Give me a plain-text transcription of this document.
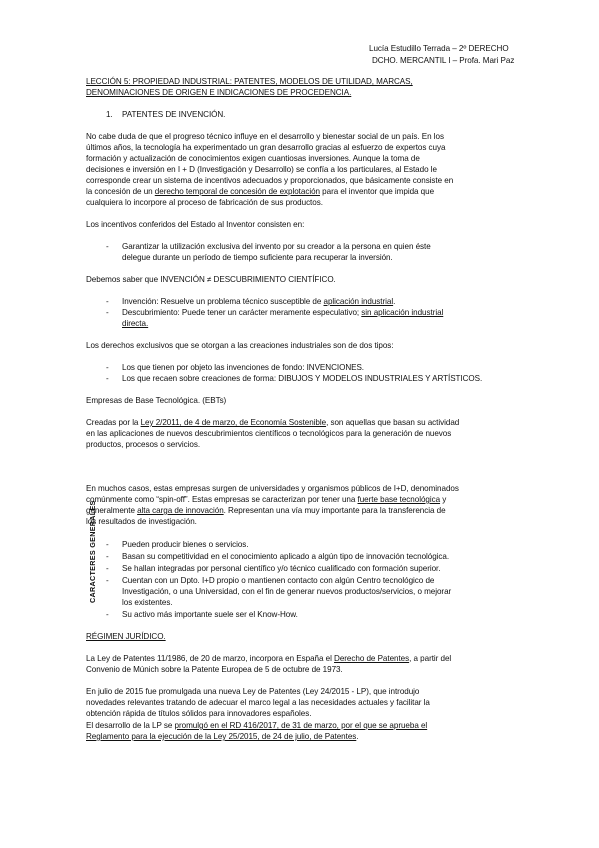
Lucía Estudillo Terrada – 2º DERECHO
DCHO. MERCANTIL I – Profa. Mari Paz
LECCIÓN 5: PROPIEDAD INDUSTRIAL: PATENTES, MODELOS DE UTILIDAD, MARCAS,
DENOMINACIONES DE ORIGEN E INDICACIONES DE PROCEDENCIA.
1. PATENTES DE INVENCIÓN.
No cabe duda de que el progreso técnico influye en el desarrollo y bienestar social de un país. En los
últimos años, la tecnología ha experimentado un gran desarrollo gracias al esfuerzo de expertos cuya
formación y actualización de conocimientos exigen cuantiosas inversiones. Aunque la toma de
decisiones e inversión en I + D (Investigación y Desarrollo) se confía a los particulares, al Estado le
corresponde crear un sistema de incentivos adecuados y proporcionados, que básicamente consiste en
la concesión de un derecho temporal de concesión de explotación para el inventor que impida que
cualquiera lo incorpore al proceso de fabricación de sus productos.
Los incentivos conferidos del Estado al Inventor consisten en:
- Garantizar la utilización exclusiva del invento por su creador a la persona en quien éste
delegue durante un período de tiempo suficiente para recuperar la inversión.
Debemos saber que INVENCIÓN ≠ DESCUBRIMIENTO CIENTÍFICO.
- Invención: Resuelve un problema técnico susceptible de aplicación industrial.
- Descubrimiento: Puede tener un carácter meramente especulativo; sin aplicación industrial
directa.
Los derechos exclusivos que se otorgan a las creaciones industriales son de dos tipos:
- Los que tienen por objeto las invenciones de fondo: INVENCIONES.
- Los que recaen sobre creaciones de forma: DIBUJOS Y MODELOS INDUSTRIALES Y ARTÍSTICOS.
Empresas de Base Tecnológica. (EBTs)
Creadas por la Ley 2/2011, de 4 de marzo, de Economía Sostenible, son aquellas que basan su actividad
en las aplicaciones de nuevos descubrimientos científicos o tecnológicos para la generación de nuevos
productos, procesos o servicios.
En muchos casos, estas empresas surgen de universidades y organismos públicos de I+D, denominados
comúnmente como “spin-off”. Estas empresas se caracterizan por tener una fuerte base tecnológica y
generalmente alta carga de innovación. Representan una vía muy importante para la transferencia de
los resultados de investigación.
CARACTERES GENERALES - Pueden producir bienes o servicios.
- Basan su competitividad en el conocimiento aplicado a algún tipo de innovación tecnológica.
- Se hallan integradas por personal científico y/o técnico cualificado con formación superior.
- Cuentan con un Dpto. I+D propio o mantienen contacto con algún Centro tecnológico de
Investigación, o una Universidad, con el fin de generar nuevos productos/servicios, o mejorar
los existentes.
- Su activo más importante suele ser el Know-How.
RÉGIMEN JURÍDICO.
La Ley de Patentes 11/1986, de 20 de marzo, incorpora en España el Derecho de Patentes, a partir del
Convenio de Múnich sobre la Patente Europea de 5 de octubre de 1973.
En julio de 2015 fue promulgada una nueva Ley de Patentes (Ley 24/2015 - LP), que introdujo
novedades relevantes tratando de adecuar el marco legal a las necesidades actuales y facilitar la
obtención rápida de títulos sólidos para innovadores españoles.
El desarrollo de la LP se promulgó en el RD 416/2017, de 31 de marzo, por el que se aprueba el
Reglamento para la ejecución de la Ley 25/2015, de 24 de julio, de Patentes.
